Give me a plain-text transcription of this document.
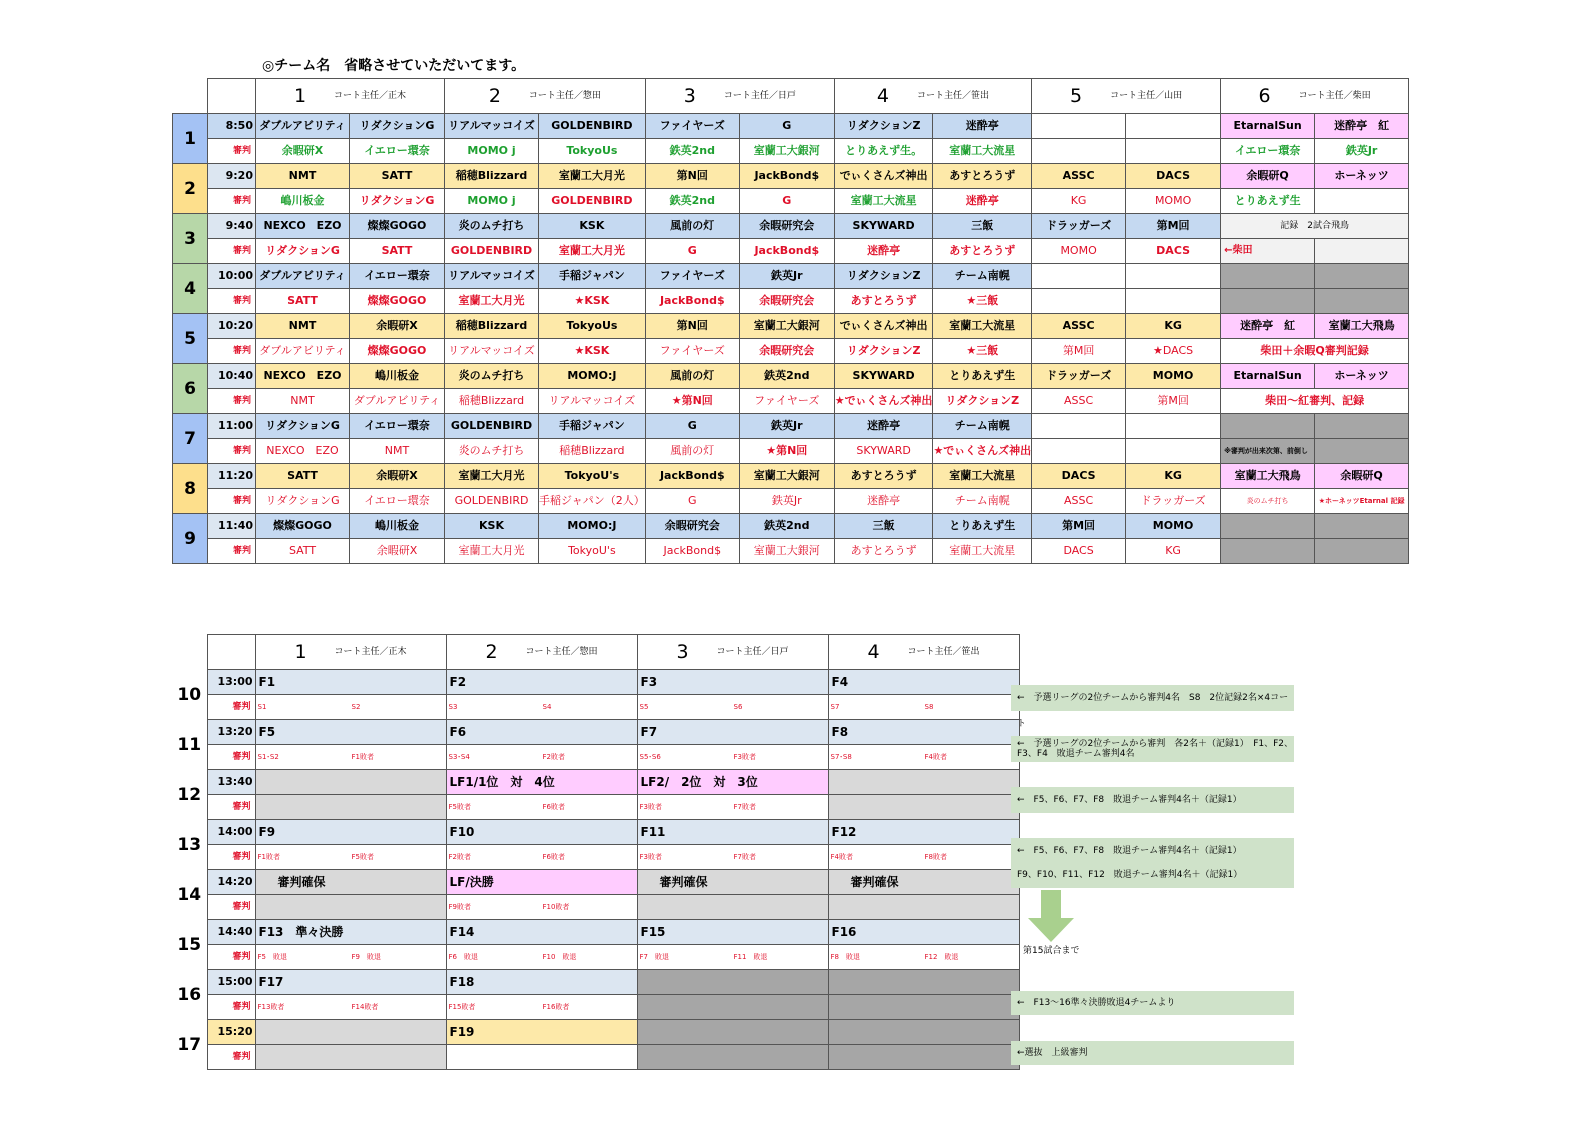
◎チーム名　省略させていただいてます。
		1 コート主任／正木		2 コート主任／惣田		3 コート主任／日戸		4 コート主任／笹出		5 コート主任／山田		6 コート主任／柴田	
1	8:50	ダブルアビリティ	リダクションG	リアルマッコイズ	GOLDENBIRD	ファイヤーズ	G	リダクションZ	迷酔亭			EtarnalSun	迷酔亭　紅
	審判	余暇研X	イエロー環奈	MOMO j	TokyoUs	鉄英2nd	室蘭工大銀河	とりあえず生。	室蘭工大流星			イエロー環奈	鉄英Jr
2	9:20	NMT	SATT	稲穂Blizzard	室蘭工大月光	第N回	JackBond$	でぃくさんズ神出	あすとろうず	ASSC	DACS	余暇研Q	ホーネッツ
	審判	嶋川板金	リダクションG	MOMO j	GOLDENBIRD	鉄英2nd	G	室蘭工大流星	迷酔亭	KG	MOMO	とりあえず生	
3	9:40	NEXCO　EZO	燦燦GOGO	炎のムチ打ち	KSK	風前の灯	余暇研究会	SKYWARD	三飯	ドラッガーズ	第M回	記録　2試合飛鳥	
	審判	リダクションG	SATT	GOLDENBIRD	室蘭工大月光	G	JackBond$	迷酔亭	あすとろうず	MOMO	DACS	←柴田	
4	10:00	ダブルアビリティ	イエロー環奈	リアルマッコイズ	手稲ジャパン	ファイヤーズ	鉄英Jr	リダクションZ	チーム南幌				
	審判	SATT	燦燦GOGO	室蘭工大月光	★KSK	JackBond$	余暇研究会	あすとろうず	★三飯				
5	10:20	NMT	余暇研X	稲穂Blizzard	TokyoUs	第N回	室蘭工大銀河	でぃくさんズ神出	室蘭工大流星	ASSC	KG	迷酔亭　紅	室蘭工大飛鳥
	審判	ダブルアビリティ	燦燦GOGO	リアルマッコイズ	★KSK	ファイヤーズ	余暇研究会	リダクションZ	★三飯	第M回	★DACS	柴田＋余暇Q審判記録	
6	10:40	NEXCO　EZO	嶋川板金	炎のムチ打ち	MOMO:J	風前の灯	鉄英2nd	SKYWARD	とりあえず生	ドラッガーズ	MOMO	EtarnalSun	ホーネッツ
	審判	NMT	ダブルアビリティ	稲穂Blizzard	リアルマッコイズ	★第N回	ファイヤーズ	★でぃくさんズ神出	リダクションZ	ASSC	第M回	柴田～紅審判、記録	
7	11:00	リダクションG	イエロー環奈	GOLDENBIRD	手稲ジャパン	G	鉄英Jr	迷酔亭	チーム南幌				
	審判	NEXCO　EZO	NMT	炎のムチ打ち	稲穂Blizzard	風前の灯	★第N回	SKYWARD	★でぃくさんズ神出			※審判が出来次第、前倒し	
8	11:20	SATT	余暇研X	室蘭工大月光	TokyoU's	JackBond$	室蘭工大銀河	あすとろうず	室蘭工大流星	DACS	KG	室蘭工大飛鳥	余暇研Q
	審判	リダクションG	イエロー環奈	GOLDENBIRD	手稲ジャパン（2人）	G	鉄英Jr	迷酔亭	チーム南幌	ASSC	ドラッガーズ	炎のムチ打ち	★ホーネッツEtarnal 記録
9	11:40	燦燦GOGO	嶋川板金	KSK	MOMO:J	余暇研究会	鉄英2nd	三飯	とりあえず生	第M回	MOMO		
	審判	SATT	余暇研X	室蘭工大月光	TokyoU's	JackBond$	室蘭工大銀河	あすとろうず	室蘭工大流星	DACS	KG		
		1 コート主任／正木	2 コート主任／惣田	3 コート主任／日戸	4 コート主任／笹出
10	13:00	F1	F2	F3	F4
	審判	S1 S2	S3 S4	S5 S6	S7 S8
11	13:20	F5	F6	F7	F8
	審判	S1･S2 F1敗者	S3･S4 F2敗者	S5･S6 F3敗者	S7･S8 F4敗者
12	13:40		LF1/1位　対　4位	LF2/　2位　対　3位	
	審判		F5敗者 F6敗者	F3敗者 F7敗者	
13	14:00	F9	F10	F11	F12
	審判	F1敗者 F5敗者	F2敗者 F6敗者	F3敗者 F7敗者	F4敗者 F8敗者
14	14:20	審判確保	LF/決勝	審判確保	審判確保
	審判		F9敗者 F10敗者		
15	14:40	F13　準々決勝	F14	F15	F16
	審判	F5　敗退 F9　敗退	F6　敗退 F10　敗退	F7　敗退 F11　敗退	F8　敗退 F12　敗退
16	15:00	F17	F18		
	審判	F13敗者 F14敗者	F15敗者 F16敗者		
17	15:20		F19		
	審判				
←　予選リーグの2位チームから審判4名　S8　2位記録2名×4コート
←　予選リーグの2位チームから審判　各2名＋（記録1）　F1、F2、F3、F4　敗退チーム審判4名
←　F5、F6、F7、F8　敗退チーム審判4名＋（記録1）
←　F5、F6、F7、F8　敗退チーム審判4名＋（記録1）
F9、F10、F11、F12　敗退チーム審判4名＋（記録1）
第15試合まで
←　F13～16準々決勝敗退4チームより
←選抜　上級審判
